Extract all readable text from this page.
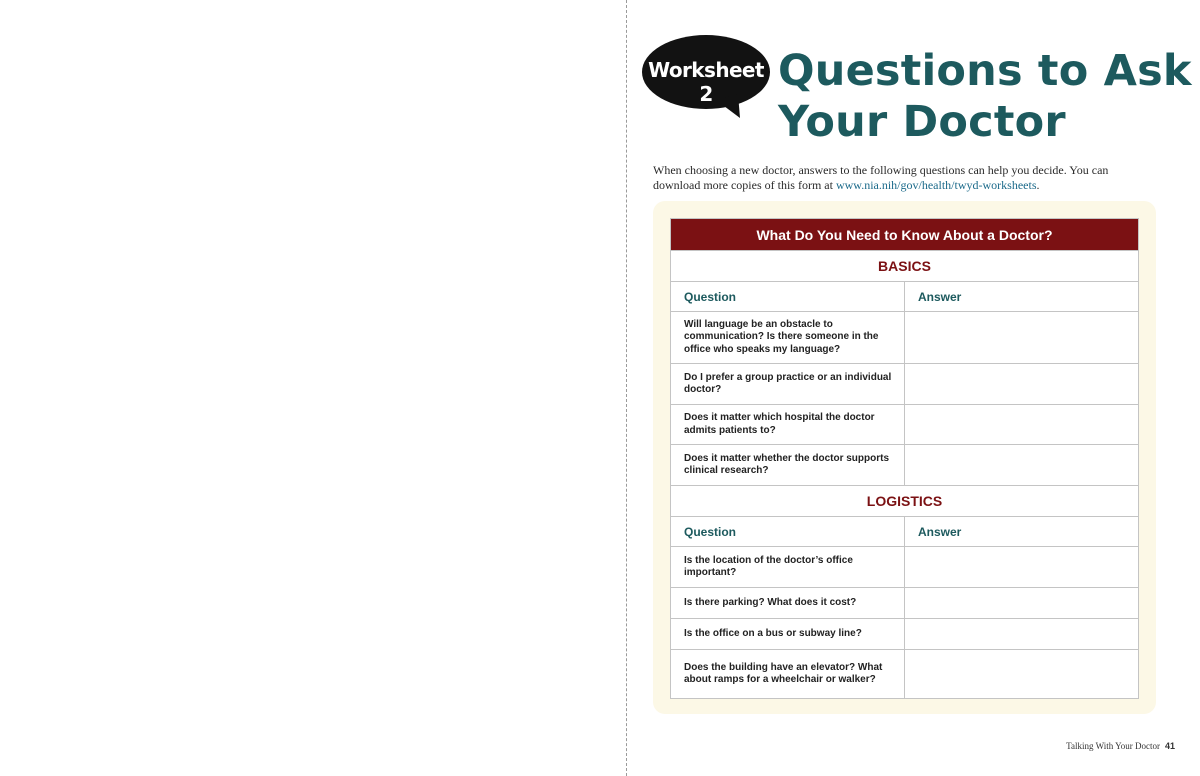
Worksheet 2	Questions to Ask
Your Doctor

When choosing a new doctor, answers to the following questions can help you decide. You can download more copies of this form at www.nia.nih/gov/health/twyd-worksheets.

What Do You Need to Know About a Doctor?	
BASICS	
Question	Answer
Will language be an obstacle to communication? Is there someone in the office who speaks my language?	
Do I prefer a group practice or an individual doctor?	
Does it matter which hospital the doctor admits patients to?	
Does it matter whether the doctor supports clinical research?	
LOGISTICS	
Question	Answer
Is the location of the doctor’s office important?	
Is there parking? What does it cost?	
Is the office on a bus or subway line?	
Does the building have an elevator? What about ramps for a wheelchair or walker?	
Talking With Your Doctor 41
